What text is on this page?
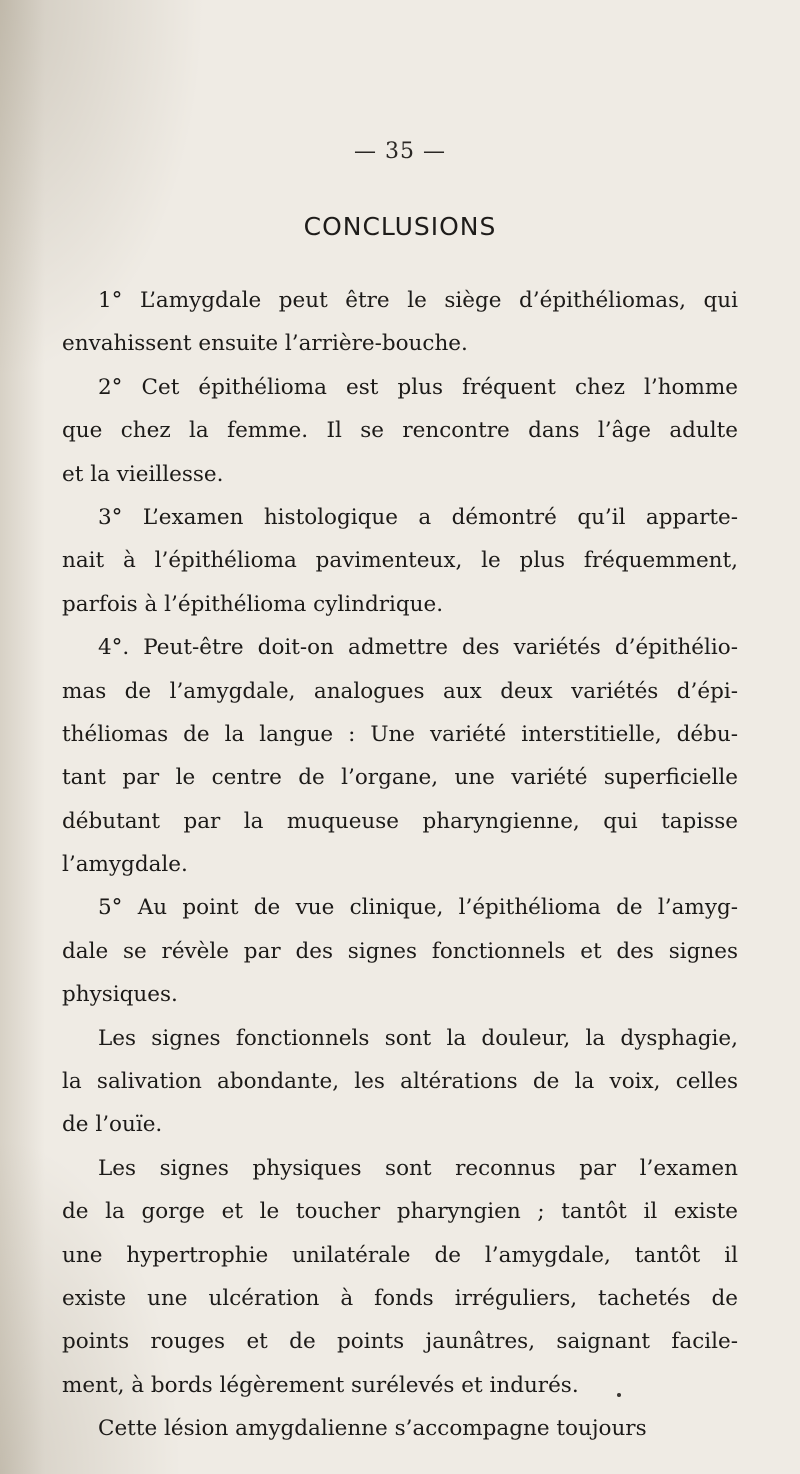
— 35 —
CONCLUSIONS
1° L’amygdale peut être le siège d’épithéliomas, qui
envahissent ensuite l’arrière-bouche.
2° Cet épithélioma est plus fréquent chez l’homme
que chez la femme. Il se rencontre dans l’âge adulte
et la vieillesse.
3° L’examen histologique a démontré qu’il apparte-
nait à l’épithélioma pavimenteux, le plus fréquemment,
parfois à l’épithélioma cylindrique.
4°. Peut-être doit-on admettre des variétés d’épithélio-
mas de l’amygdale, analogues aux deux variétés d’épi-
théliomas de la langue : Une variété interstitielle, débu-
tant par le centre de l’organe, une variété superficielle
débutant par la muqueuse pharyngienne, qui tapisse
l’amygdale.
5° Au point de vue clinique, l’épithélioma de l’amyg-
dale se révèle par des signes fonctionnels et des signes
physiques.
Les signes fonctionnels sont la douleur, la dysphagie,
la salivation abondante, les altérations de la voix, celles
de l’ouïe.
Les signes physiques sont reconnus par l’examen
de la gorge et le toucher pharyngien ; tantôt il existe
une hypertrophie unilatérale de l’amygdale, tantôt il
existe une ulcération à fonds irréguliers, tachetés de
points rouges et de points jaunâtres, saignant facile-
ment, à bords légèrement surélevés et indurés.
Cette lésion amygdalienne s’accompagne toujours
